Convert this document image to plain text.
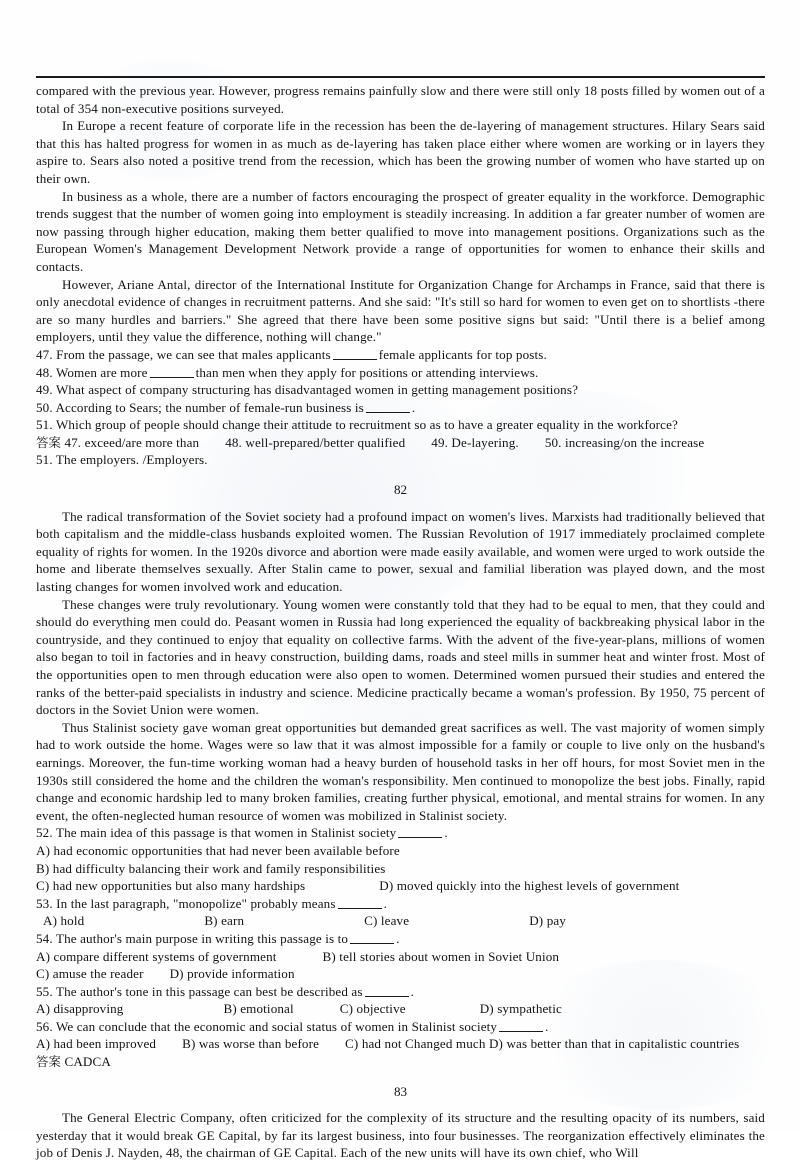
compared with the previous year. However, progress remains painfully slow and there were still only 18 posts filled by women out of a total of 354 non-executive positions surveyed.

In Europe a recent feature of corporate life in the recession has been the de-layering of management structures. Hilary Sears said that this has halted progress for women in as much as de-layering has taken place either where women are working or in layers they aspire to. Sears also noted a positive trend from the recession, which has been the growing number of women who have started up on their own.

In business as a whole, there are a number of factors encouraging the prospect of greater equality in the workforce. Demographic trends suggest that the number of women going into employment is steadily increasing. In addition a far greater number of women are now passing through higher education, making them better qualified to move into management positions. Organizations such as the European Women's Management Development Network provide a range of opportunities for women to enhance their skills and contacts.

However, Ariane Antal, director of the International Institute for Organization Change for Archamps in France, said that there is only anecdotal evidence of changes in recruitment patterns. And she said: "It's still so hard for women to even get on to shortlists -there are so many hurdles and barriers." She agreed that there have been some positive signs but said: "Until there is a belief among employers, until they value the difference, nothing will change."

47. From the passage, we can see that males applicants	female applicants for top posts.
48. Women are more	than men when they apply for positions or attending interviews.
49. What aspect of company structuring has disadvantaged women in getting management positions?
50. According to Sears; the number of female-run business is	.
51. Which group of people should change their attitude to recruitment so as to have a greater equality in the workforce?
答案 47. exceed/are more than 48. well-prepared/better qualified 49. De-layering. 50. increasing/on the increase
51. The employers. /Employers.
82

The radical transformation of the Soviet society had a profound impact on women's lives. Marxists had traditionally believed that both capitalism and the middle-class husbands exploited women. The Russian Revolution of 1917 immediately proclaimed complete equality of rights for women. In the 1920s divorce and abortion were made easily available, and women were urged to work outside the home and liberate themselves sexually. After Stalin came to power, sexual and familial liberation was played down, and the most lasting changes for women involved work and education.

These changes were truly revolutionary. Young women were constantly told that they had to be equal to men, that they could and should do everything men could do. Peasant women in Russia had long experienced the equality of backbreaking physical labor in the countryside, and they continued to enjoy that equality on collective farms. With the advent of the five-year-plans, millions of women also began to toil in factories and in heavy construction, building dams, roads and steel mills in summer heat and winter frost. Most of the opportunities open to men through education were also open to women. Determined women pursued their studies and entered the ranks of the better-paid specialists in industry and science. Medicine practically became a woman's profession. By 1950, 75 percent of doctors in the Soviet Union were women.

Thus Stalinist society gave woman great opportunities but demanded great sacrifices as well. The vast majority of women simply had to work outside the home. Wages were so law that it was almost impossible for a family or couple to live only on the husband's earnings. Moreover, the fun-time working woman had a heavy burden of household tasks in her off hours, for most Soviet men in the 1930s still considered the home and the children the woman's responsibility. Men continued to monopolize the best jobs. Finally, rapid change and economic hardship led to many broken families, creating further physical, emotional, and mental strains for women. In any event, the often-neglected human resource of women was mobilized in Stalinist society.

52. The main idea of this passage is that women in Stalinist society	.
A) had economic opportunities that had never been available before
B) had difficulty balancing their work and family responsibilities
C) had new opportunities but also many hardships	D) moved quickly into the highest levels of government
53. In the last paragraph, "monopolize" probably means	.
A) hold	B) earn	C) leave	D) pay
54. The author's main purpose in writing this passage is to	.
A) compare different systems of government	B) tell stories about women in Soviet Union
C) amuse the reader D) provide information
55. The author's tone in this passage can best be described as	.
A) disapproving	B) emotional	C) objective	D) sympathetic
56. We can conclude that the economic and social status of women in Stalinist society	.
A) had been improved B) was worse than before C) had not Changed much D) was better than that in capitalistic countries
答案 CADCA
83

The General Electric Company, often criticized for the complexity of its structure and the resulting opacity of its numbers, said yesterday that it would break GE Capital, by far its largest business, into four businesses. The reorganization effectively eliminates the job of Denis J. Nayden, 48, the chairman of GE Capital. Each of the new units will have its own chief, who Will
